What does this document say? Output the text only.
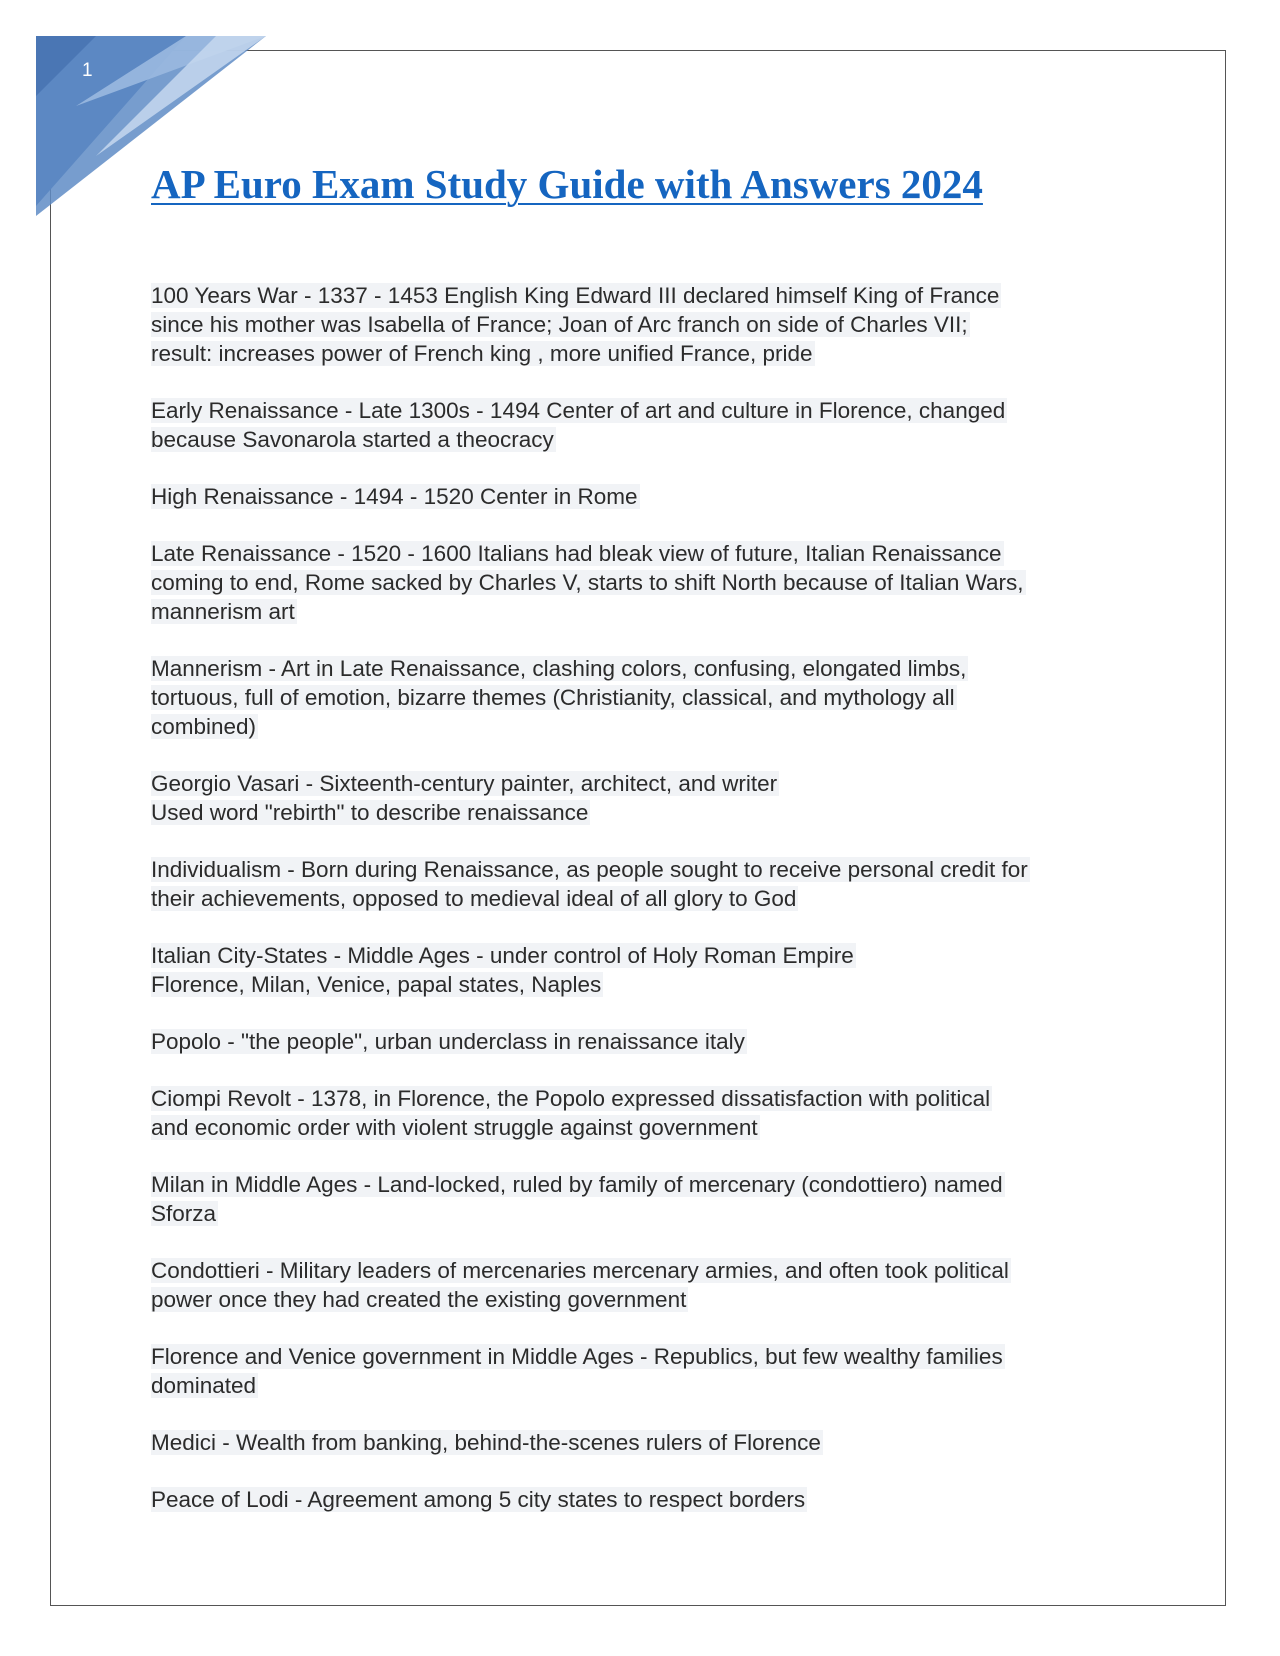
1
AP Euro Exam Study Guide with Answers 2024

100 Years War - 1337 - 1453 English King Edward III declared himself King of France
since his mother was Isabella of France; Joan of Arc franch on side of Charles VII;
result: increases power of French king , more unified France, pride

Early Renaissance - Late 1300s - 1494 Center of art and culture in Florence, changed
because Savonarola started a theocracy

High Renaissance - 1494 - 1520 Center in Rome

Late Renaissance - 1520 - 1600 Italians had bleak view of future, Italian Renaissance
coming to end, Rome sacked by Charles V, starts to shift North because of Italian Wars,
mannerism art

Mannerism - Art in Late Renaissance, clashing colors, confusing, elongated limbs,
tortuous, full of emotion, bizarre themes (Christianity, classical, and mythology all
combined)

Georgio Vasari - Sixteenth-century painter, architect, and writer
Used word "rebirth" to describe renaissance

Individualism - Born during Renaissance, as people sought to receive personal credit for
their achievements, opposed to medieval ideal of all glory to God

Italian City-States - Middle Ages - under control of Holy Roman Empire
Florence, Milan, Venice, papal states, Naples

Popolo - "the people", urban underclass in renaissance italy

Ciompi Revolt - 1378, in Florence, the Popolo expressed dissatisfaction with political
and economic order with violent struggle against government

Milan in Middle Ages - Land-locked, ruled by family of mercenary (condottiero) named
Sforza

Condottieri - Military leaders of mercenaries mercenary armies, and often took political
power once they had created the existing government

Florence and Venice government in Middle Ages - Republics, but few wealthy families
dominated

Medici - Wealth from banking, behind-the-scenes rulers of Florence

Peace of Lodi - Agreement among 5 city states to respect borders
